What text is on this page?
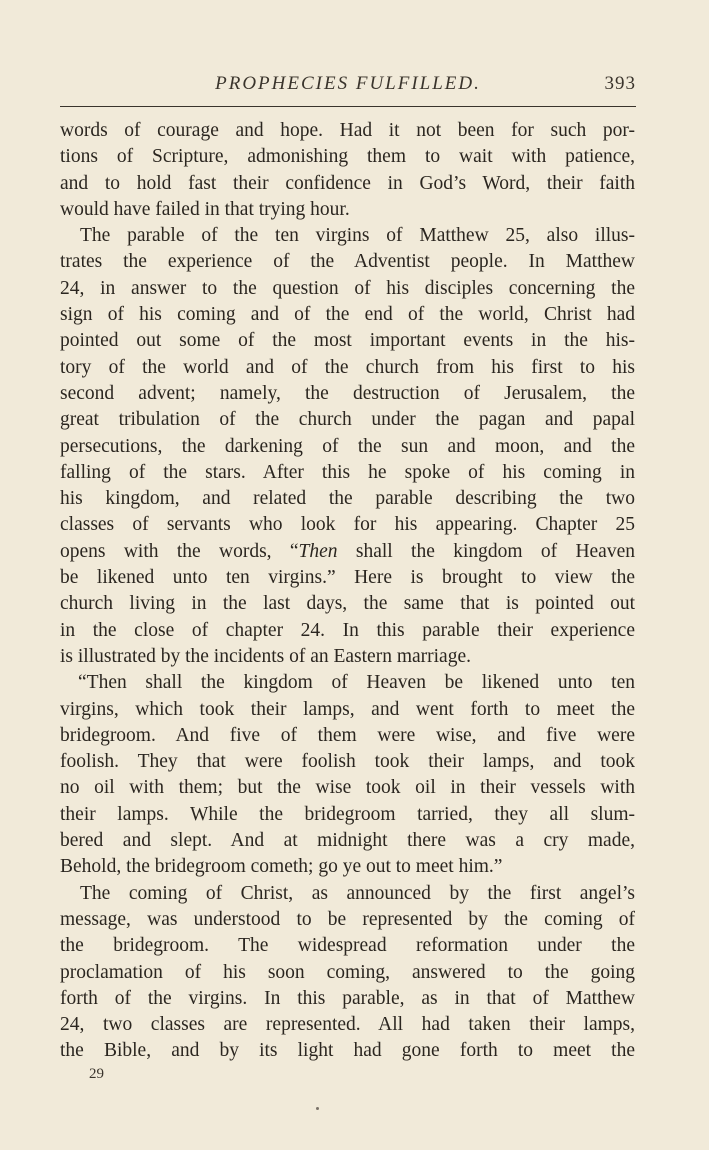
PROPHECIES FULFILLED.	393
words of courage and hope. Had it not been for such por-
tions of Scripture, admonishing them to wait with patience,
and to hold fast their confidence in God’s Word, their faith
would have failed in that trying hour.
The parable of the ten virgins of Matthew 25, also illus-
trates the experience of the Adventist people. In Matthew
24, in answer to the question of his disciples concerning the
sign of his coming and of the end of the world, Christ had
pointed out some of the most important events in the his-
tory of the world and of the church from his first to his
second advent; namely, the destruction of Jerusalem, the
great tribulation of the church under the pagan and papal
persecutions, the darkening of the sun and moon, and the
falling of the stars. After this he spoke of his coming in
his kingdom, and related the parable describing the two
classes of servants who look for his appearing. Chapter 25
opens with the words, “Then shall the kingdom of Heaven
be likened unto ten virgins.” Here is brought to view the
church living in the last days, the same that is pointed out
in the close of chapter 24. In this parable their experience
is illustrated by the incidents of an Eastern marriage.
“Then shall the kingdom of Heaven be likened unto ten
virgins, which took their lamps, and went forth to meet the
bridegroom. And five of them were wise, and five were
foolish. They that were foolish took their lamps, and took
no oil with them; but the wise took oil in their vessels with
their lamps. While the bridegroom tarried, they all slum-
bered and slept. And at midnight there was a cry made,
Behold, the bridegroom cometh; go ye out to meet him.”
The coming of Christ, as announced by the first angel’s
message, was understood to be represented by the coming of
the bridegroom. The widespread reformation under the
proclamation of his soon coming, answered to the going
forth of the virgins. In this parable, as in that of Matthew
24, two classes are represented. All had taken their lamps,
the Bible, and by its light had gone forth to meet the
29
